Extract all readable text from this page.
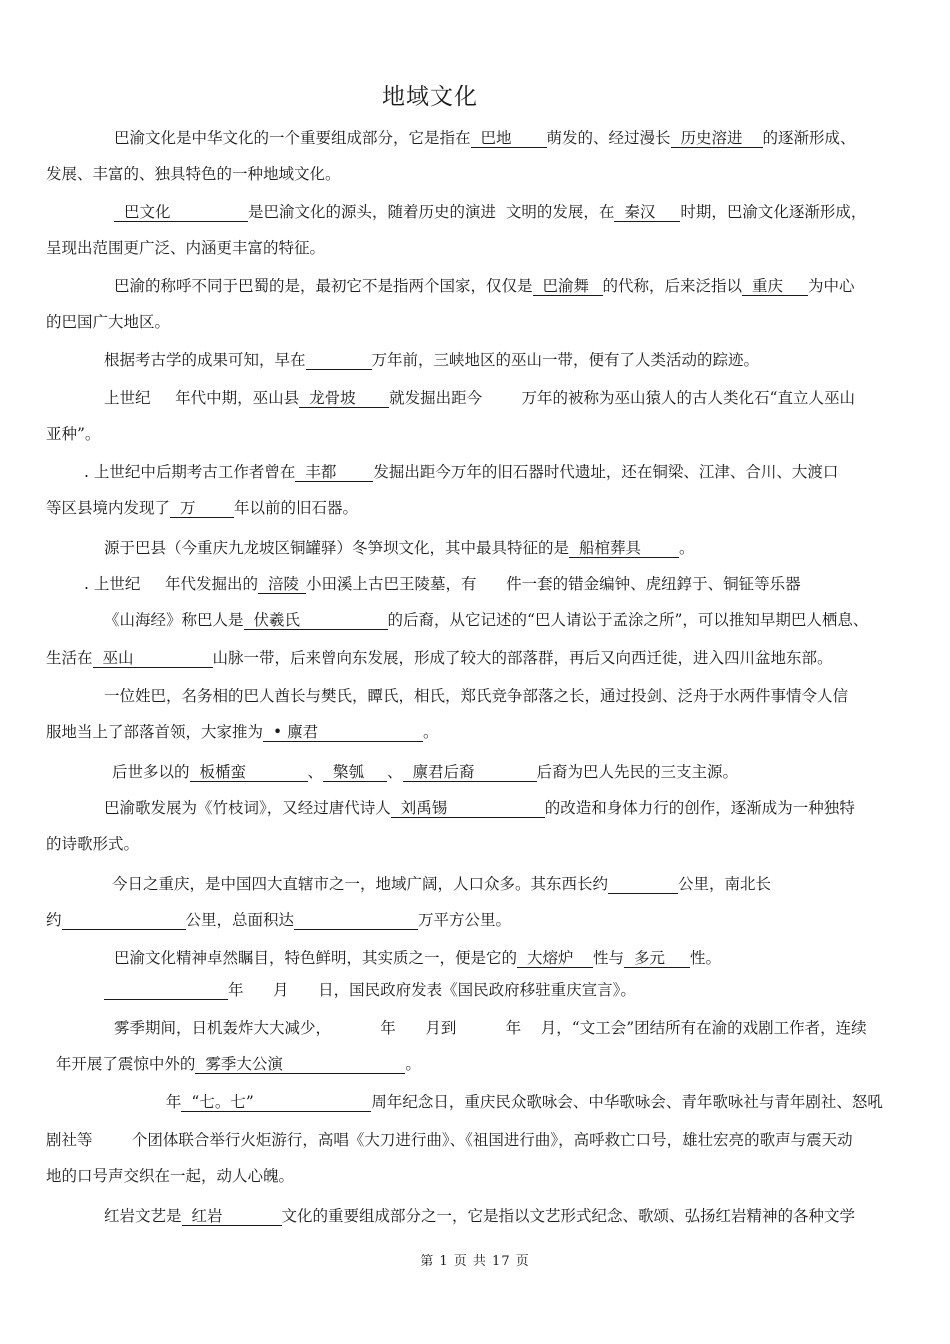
地域文化
巴渝文化是中华文化的一个重要组成部分，它是指在 巴地 萌发的、经过漫长 历史溶进 的逐渐形成、
发展、丰富的、独具特色的一种地域文化。
巴文化	是巴渝文化的源头，随着历史的演进  文明的发展，在 秦汉 时期，巴渝文化逐渐形成，
呈现出范围更广泛、内涵更丰富的特征。
巴渝的称呼不同于巴蜀的是，最初它不是指两个国家，仅仅是 巴渝舞 的代称，后来泛指以 重庆 为中心
的巴国广大地区。
根据考古学的成果可知，早在	万年前，三峡地区的巫山一带，便有了人类活动的踪迹。
上世纪     年代中期，巫山县 龙骨坡 就发掘出距今        万年的被称为巫山猿人的古人类化石“直立人巫山
亚种”。
. 上世纪中后期考古工作者曾在 丰都 发掘出距今万年的旧石器时代遗址，还在铜梁、江津、合川、大渡口
等区县境内发现了 万 年以前的旧石器。
源于巴县（今重庆九龙坡区铜罐驿）冬笋坝文化，其中最具特征的是 船棺葬具 。
. 上世纪     年代发掘出的 涪陵 小田溪上古巴王陵墓，有      件一套的错金编钟、虎纽錞于、铜钲等乐器
《山海经》称巴人是 伏羲氏	的后裔，从它记述的“巴人请讼于孟涂之所”，可以推知早期巴人栖息、
生活在 巫山	山脉一带，后来曾向东发展，形成了较大的部落群，再后又向西迁徙，进入四川盆地东部。
一位姓巴，名务相的巴人酋长与樊氏，瞫氏，相氏，郑氏竞争部落之长，通过投剑、泛舟于水两件事情令人信
服地当上了部落首领，大家推为 • 廪君	。
后世多以的 板楯蛮	、 檠瓠 、 廪君后裔	后裔为巴人先民的三支主源。
巴渝歌发展为《竹枝词》，又经过唐代诗人 刘禹锡	的改造和身体力行的创作，逐渐成为一种独特
的诗歌形式。
今日之重庆，是中国四大直辖市之一，地域广阔，人口众多。其东西长约	公里，南北长
约	公里，总面积达	万平方公里。
巴渝文化精神卓然瞩目，特色鲜明，其实质之一，便是它的 大熔炉 性与 多元 性。
年      月      日，国民政府发表《国民政府移驻重庆宣言》。
雾季期间，日机轰炸大大减少，          年      月到          年    月，“文工会”团结所有在渝的戏剧工作者，连续
年开展了震惊中外的 雾季大公演	。
年 “七。七”	周年纪念日，重庆民众歌咏会、中华歌咏会、青年歌咏社与青年剧社、怒吼
剧社等        个团体联合举行火炬游行，高唱《大刀进行曲》、《祖国进行曲》，高呼救亡口号，雄壮宏亮的歌声与震天动
地的口号声交织在一起，动人心魄。
红岩文艺是 红岩	文化的重要组成部分之一，它是指以文艺形式纪念、歌颂、弘扬红岩精神的各种文学
第 1 页 共 17 页
